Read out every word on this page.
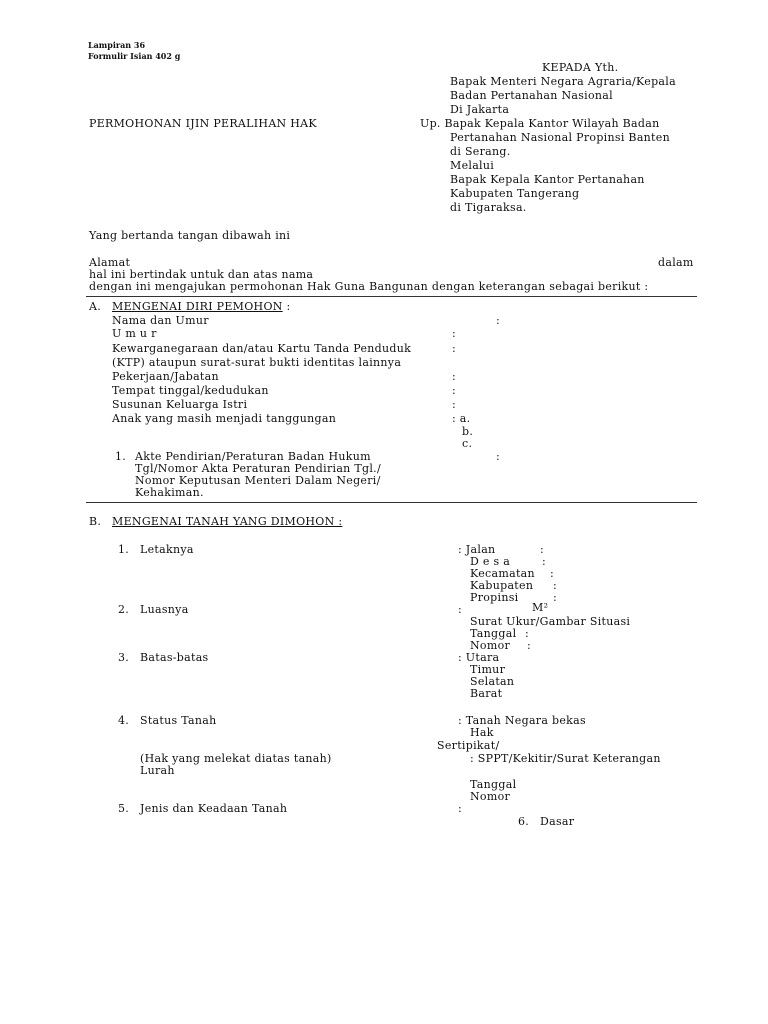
Lampiran 36
Formulir Isian 402 g
KEPADA Yth.
Bapak Menteri Negara Agraria/Kepala
Badan Pertanahan Nasional
Di Jakarta
PERMOHONAN IJIN PERALIHAN HAK	Up. Bapak Kepala Kantor Wilayah Badan
Pertanahan Nasional Propinsi Banten
di Serang.
Melalui
Bapak Kepala Kantor Pertanahan
Kabupaten Tangerang
di Tigaraksa.
Yang bertanda tangan dibawah ini
Alamat	dalam
hal ini bertindak untuk dan atas nama
dengan ini mengajukan permohonan Hak Guna Bangunan dengan keterangan sebagai berikut :
A. MENGENAI DIRI PEMOHON :
Nama dan Umur	:
U m u r	:
Kewarganegaraan dan/atau Kartu Tanda Penduduk	:
(KTP) ataupun surat-surat bukti identitas lainnya
Pekerjaan/Jabatan	:
Tempat tinggal/kedudukan	:
Susunan Keluarga Istri	:
Anak yang masih menjadi tanggungan	: a.
b.
c.
1. Akte Pendirian/Peraturan Badan Hukum	:
Tgl/Nomor Akta Peraturan Pendirian Tgl./
Nomor Keputusan Menteri Dalam Negeri/
Kehakiman.
B. MENGENAI TANAH YANG DIMOHON :
1. Letaknya	: Jalan	:
D e s a	:
Kecamatan :
Kabupaten :
Propinsi	:
2. Luasnya	:	M²
Surat Ukur/Gambar Situasi
Tanggal :
Nomor :
3. Batas-batas	: Utara
Timur
Selatan
Barat
4. Status Tanah	: Tanah Negara bekas
Hak
Sertipikat/
(Hak yang melekat diatas tanah)	: SPPT/Kekitir/Surat Keterangan
Lurah
Tanggal
Nomor
5. Jenis dan Keadaan Tanah	:
6. Dasar
